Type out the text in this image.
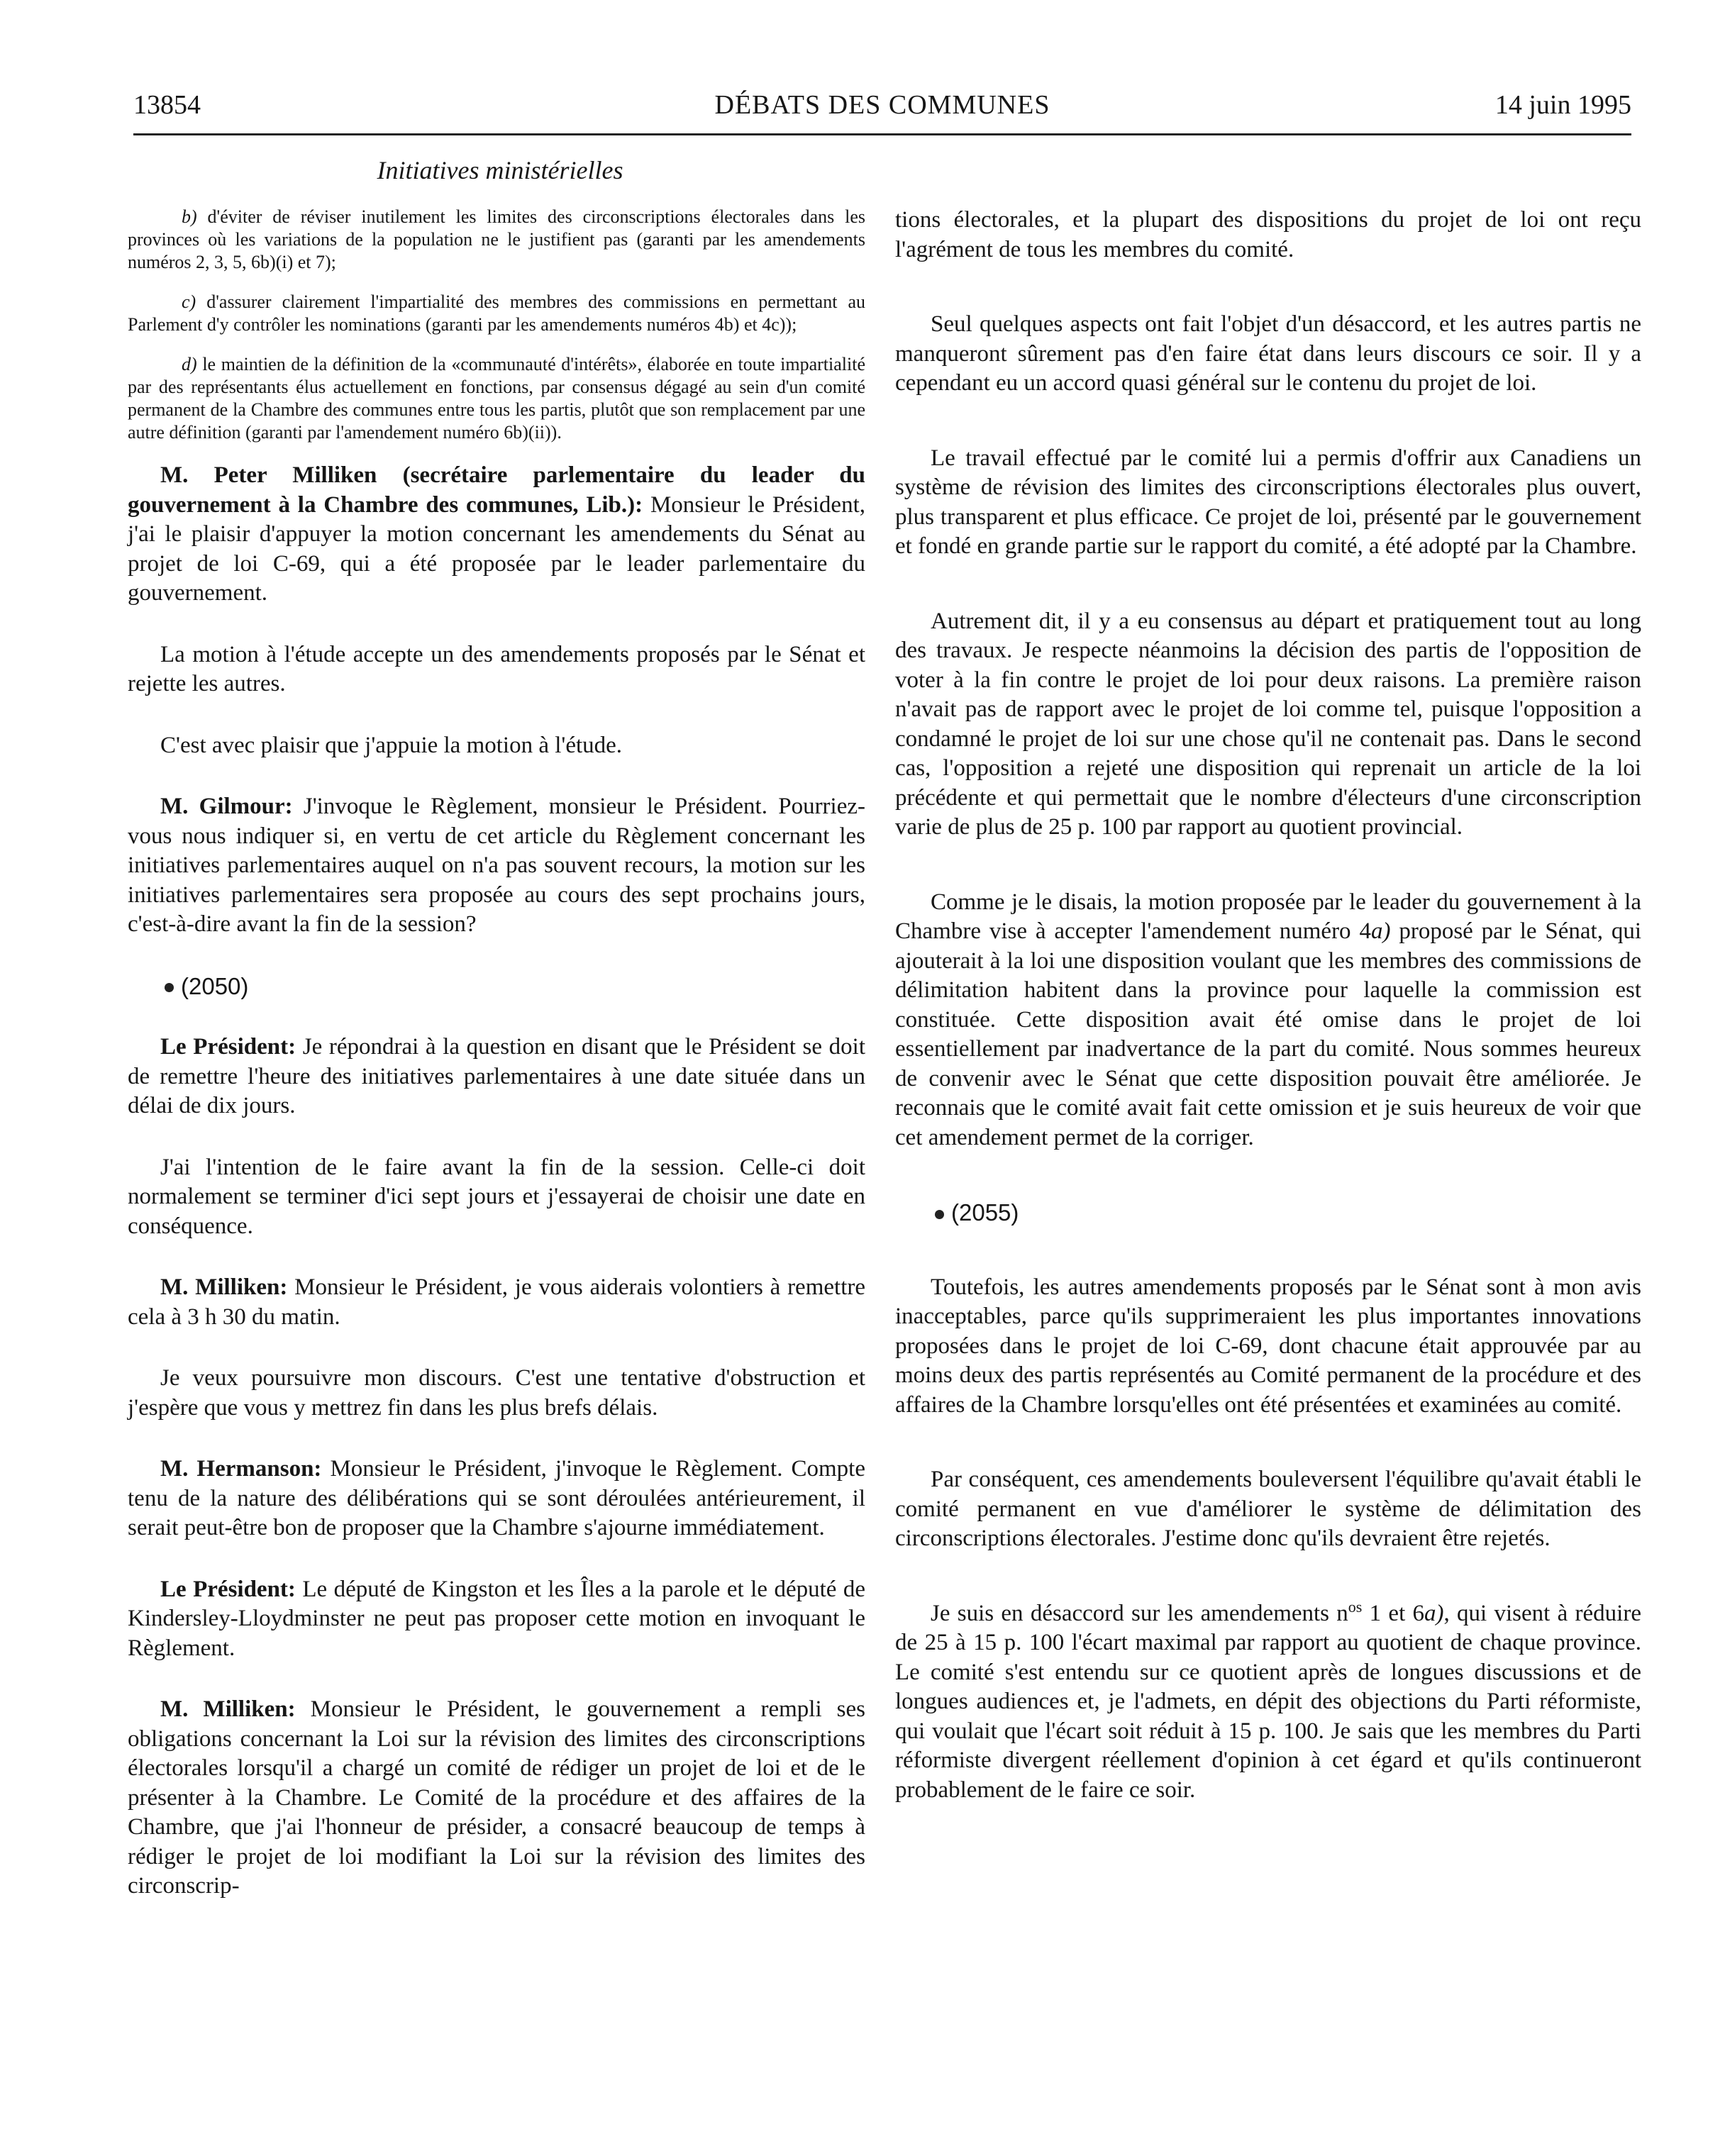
13854	DÉBATS DES COMMUNES	14 juin 1995
Initiatives ministérielles

b) d'éviter de réviser inutilement les limites des circonscriptions électorales dans les provinces où les variations de la population ne le justifient pas (garanti par les amendements numéros 2, 3, 5, 6b)(i) et 7);

c) d'assurer clairement l'impartialité des membres des commissions en permettant au Parlement d'y contrôler les nominations (garanti par les amendements numéros 4b) et 4c));

d) le maintien de la définition de la «communauté d'intérêts», élaborée en toute impartialité par des représentants élus actuellement en fonctions, par consensus dégagé au sein d'un comité permanent de la Chambre des communes entre tous les partis, plutôt que son remplacement par une autre définition (garanti par l'amendement numéro 6b)(ii)).

M. Peter Milliken (secrétaire parlementaire du leader du gouvernement à la Chambre des communes, Lib.): Monsieur le Président, j'ai le plaisir d'appuyer la motion concernant les amendements du Sénat au projet de loi C-69, qui a été proposée par le leader parlementaire du gouvernement.

La motion à l'étude accepte un des amendements proposés par le Sénat et rejette les autres.

C'est avec plaisir que j'appuie la motion à l'étude.

M. Gilmour: J'invoque le Règlement, monsieur le Président. Pourriez-vous nous indiquer si, en vertu de cet article du Règlement concernant les initiatives parlementaires auquel on n'a pas souvent recours, la motion sur les initiatives parlementaires sera proposée au cours des sept prochains jours, c'est-à-dire avant la fin de la session?

(2050)

Le Président: Je répondrai à la question en disant que le Président se doit de remettre l'heure des initiatives parlementaires à une date située dans un délai de dix jours.

J'ai l'intention de le faire avant la fin de la session. Celle-ci doit normalement se terminer d'ici sept jours et j'essayerai de choisir une date en conséquence.

M. Milliken: Monsieur le Président, je vous aiderais volontiers à remettre cela à 3 h 30 du matin.

Je veux poursuivre mon discours. C'est une tentative d'obstruction et j'espère que vous y mettrez fin dans les plus brefs délais.

M. Hermanson: Monsieur le Président, j'invoque le Règlement. Compte tenu de la nature des délibérations qui se sont déroulées antérieurement, il serait peut-être bon de proposer que la Chambre s'ajourne immédiatement.

Le Président: Le député de Kingston et les Îles a la parole et le député de Kindersley-Lloydminster ne peut pas proposer cette motion en invoquant le Règlement.

M. Milliken: Monsieur le Président, le gouvernement a rempli ses obligations concernant la Loi sur la révision des limites des circonscriptions électorales lorsqu'il a chargé un comité de rédiger un projet de loi et de le présenter à la Chambre. Le Comité de la procédure et des affaires de la Chambre, que j'ai l'honneur de présider, a consacré beaucoup de temps à rédiger le projet de loi modifiant la Loi sur la révision des limites des circonscrip-

tions électorales, et la plupart des dispositions du projet de loi ont reçu l'agrément de tous les membres du comité.

Seul quelques aspects ont fait l'objet d'un désaccord, et les autres partis ne manqueront sûrement pas d'en faire état dans leurs discours ce soir. Il y a cependant eu un accord quasi général sur le contenu du projet de loi.

Le travail effectué par le comité lui a permis d'offrir aux Canadiens un système de révision des limites des circonscriptions électorales plus ouvert, plus transparent et plus efficace. Ce projet de loi, présenté par le gouvernement et fondé en grande partie sur le rapport du comité, a été adopté par la Chambre.

Autrement dit, il y a eu consensus au départ et pratiquement tout au long des travaux. Je respecte néanmoins la décision des partis de l'opposition de voter à la fin contre le projet de loi pour deux raisons. La première raison n'avait pas de rapport avec le projet de loi comme tel, puisque l'opposition a condamné le projet de loi sur une chose qu'il ne contenait pas. Dans le second cas, l'opposition a rejeté une disposition qui reprenait un article de la loi précédente et qui permettait que le nombre d'électeurs d'une circonscription varie de plus de 25 p. 100 par rapport au quotient provincial.

Comme je le disais, la motion proposée par le leader du gouvernement à la Chambre vise à accepter l'amendement numéro 4a) proposé par le Sénat, qui ajouterait à la loi une disposition voulant que les membres des commissions de délimitation habitent dans la province pour laquelle la commission est constituée. Cette disposition avait été omise dans le projet de loi essentiellement par inadvertance de la part du comité. Nous sommes heureux de convenir avec le Sénat que cette disposition pouvait être améliorée. Je reconnais que le comité avait fait cette omission et je suis heureux de voir que cet amendement permet de la corriger.

(2055)

Toutefois, les autres amendements proposés par le Sénat sont à mon avis inacceptables, parce qu'ils supprimeraient les plus importantes innovations proposées dans le projet de loi C-69, dont chacune était approuvée par au moins deux des partis représentés au Comité permanent de la procédure et des affaires de la Chambre lorsqu'elles ont été présentées et examinées au comité.

Par conséquent, ces amendements bouleversent l'équilibre qu'avait établi le comité permanent en vue d'améliorer le système de délimitation des circonscriptions électorales. J'estime donc qu'ils devraient être rejetés.

Je suis en désaccord sur les amendements $n^{os}$ 1 et 6a), qui visent à réduire de 25 à 15 p. 100 l'écart maximal par rapport au quotient de chaque province. Le comité s'est entendu sur ce quotient après de longues discussions et de longues audiences et, je l'admets, en dépit des objections du Parti réformiste, qui voulait que l'écart soit réduit à 15 p. 100. Je sais que les membres du Parti réformiste divergent réellement d'opinion à cet égard et qu'ils continueront probablement de le faire ce soir.
